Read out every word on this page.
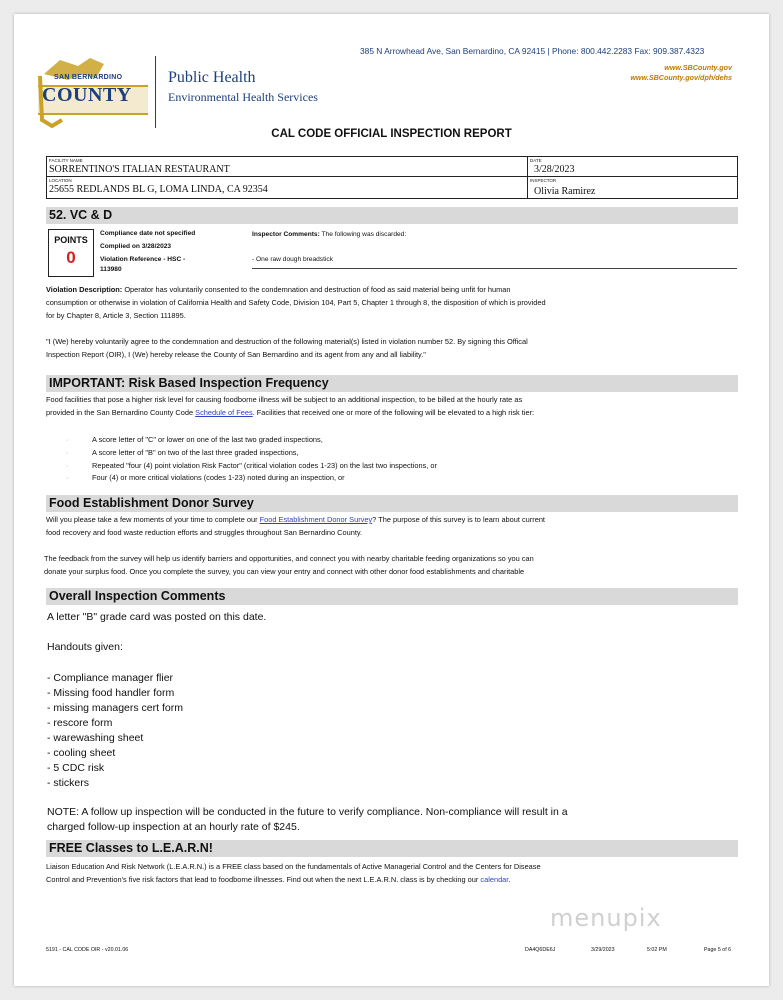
SAN BERNARDINO
COUNTY
Public Health
Environmental Health Services
385 N Arrowhead Ave, San Bernardino, CA 92415 | Phone: 800.442.2283 Fax: 909.387.4323
www.SBCounty.gov
www.SBCounty.gov/dph/dehs
CAL CODE OFFICIAL INSPECTION REPORT
FACILITY NAME
SORRENTINO'S ITALIAN RESTAURANT
DATE
3/28/2023
LOCATION
25655 REDLANDS BL G, LOMA LINDA, CA 92354
INSPECTOR
Olivia Ramirez
52. VC & D
POINTS
0
Compliance date not specified
Complied on 3/28/2023
Violation Reference - HSC -
113980
Inspector Comments: The following was discarded:
- One raw dough breadstick
Violation Description: Operator has voluntarily consented to the condemnation and destruction of food as said material being unfit for human
consumption or otherwise in violation of California Health and Safety Code, Division 104, Part 5, Chapter 1 through 8, the disposition of which is provided
for by Chapter 8, Article 3, Section 111895.
"I (We) hereby voluntarily agree to the condemnation and destruction of the following material(s) listed in violation number 52. By signing this Offical
Inspection Report (OIR), I (We) hereby release the County of San Bernardino and its agent from any and all liability."
IMPORTANT: Risk Based Inspection Frequency
Food facilities that pose a higher risk level for causing foodborne illness will be subject to an additional inspection, to be billed at the hourly rate as
provided in the San Bernardino County Code Schedule of Fees. Facilities that received one or more of the following will be elevated to a high risk tier:
·	A score letter of "C" or lower on one of the last two graded inspections,
·	A score letter of "B" on two of the last three graded inspections,
·	Repeated "four (4) point violation Risk Factor" (critical violation codes 1-23) on the last two inspections, or
·	Four (4) or more critical violations (codes 1-23) noted during an inspection, or
Food Establishment Donor Survey
Will you please take a few moments of your time to complete our Food Establishment Donor Survey? The purpose of this survey is to learn about current
food recovery and food waste reduction efforts and struggles throughout San Bernardino County.
The feedback from the survey will help us identify barriers and opportunities, and connect you with nearby charitable feeding organizations so you can
donate your surplus food. Once you complete the survey, you can view your entry and connect with other donor food establishments and charitable
Overall Inspection Comments
A letter "B" grade card was posted on this date.
Handouts given:
- Compliance manager flier
- Missing food handler form
- missing managers cert form
- rescore form
- warewashing sheet
- cooling sheet
- 5 CDC risk
- stickers
NOTE: A follow up inspection will be conducted in the future to verify compliance. Non-compliance will result in a
charged follow-up inspection at an hourly rate of $245.
FREE Classes to L.E.A.R.N!
Liaison Education And Risk Network (L.E.A.R.N.) is a FREE class based on the fundamentals of Active Managerial Control and the Centers for Disease
Control and Prevention's five risk factors that lead to foodborne illnesses. Find out when the next L.E.A.R.N. class is by checking our calendar.
menupix
5191 - CAL CODE OIR - v20.01.06	DA4Q6DE6J	3/29/2023	5:02 PM	Page 5 of 6
